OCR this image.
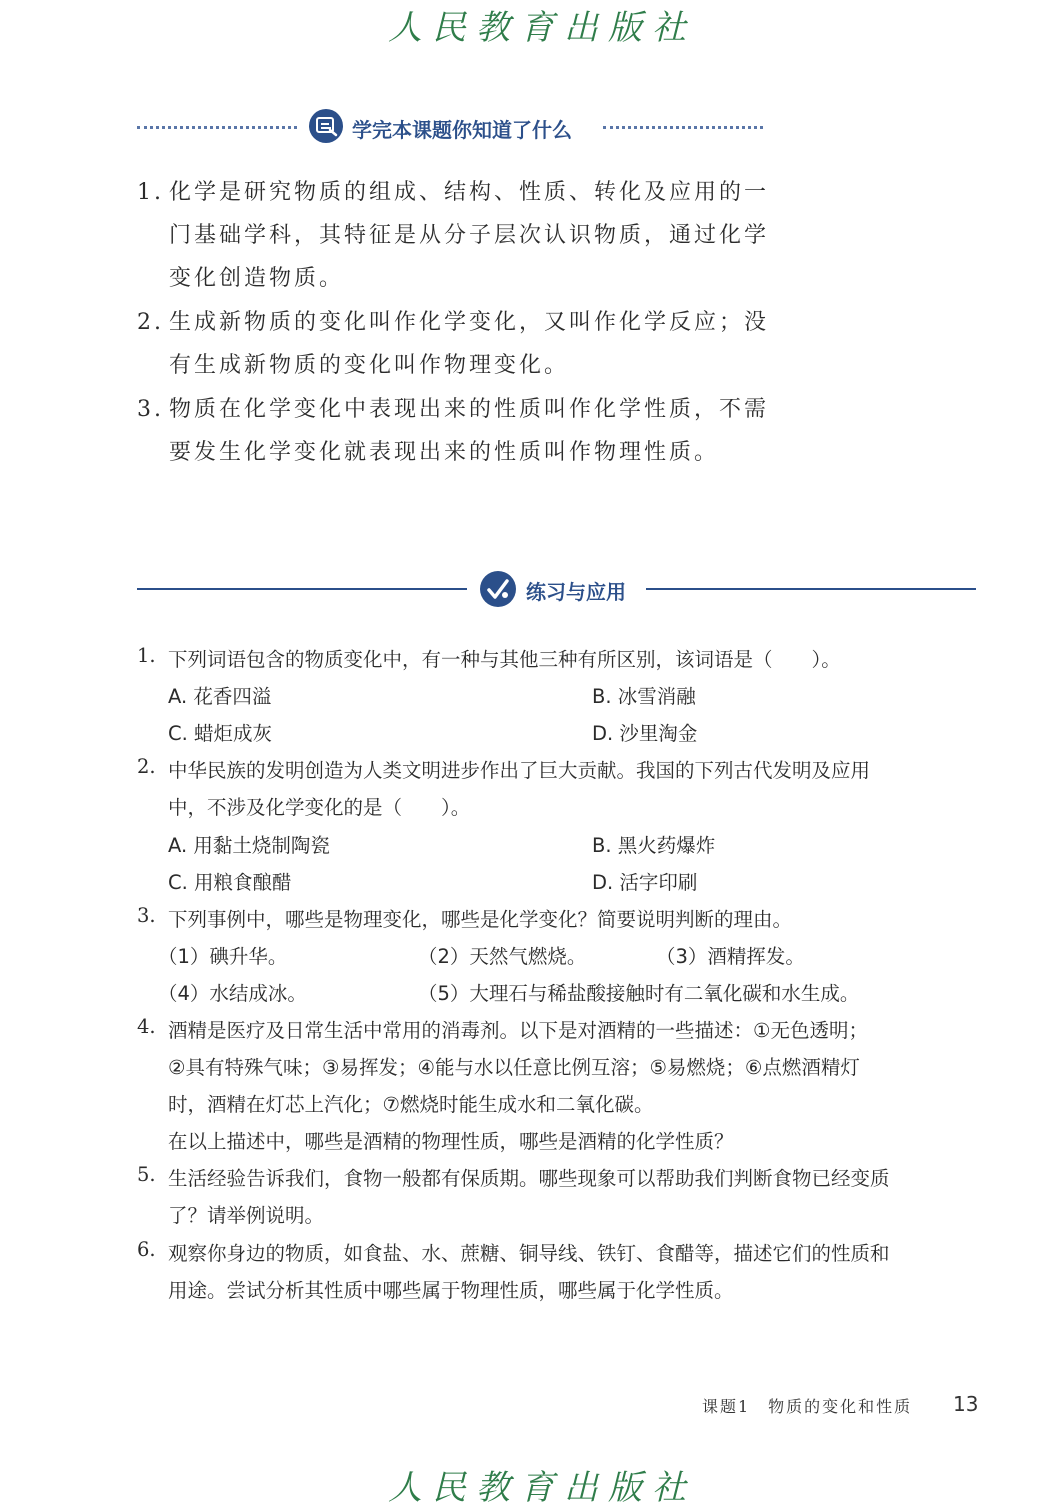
人民教育出版社
学完本课题你知道了什么
1. 化学是研究物质的组成、结构、性质、转化及应用的一
门基础学科，其特征是从分子层次认识物质，通过化学
变化创造物质。
2. 生成新物质的变化叫作化学变化，又叫作化学反应；没
有生成新物质的变化叫作物理变化。
3. 物质在化学变化中表现出来的性质叫作化学性质，不需
要发生化学变化就表现出来的性质叫作物理性质。
练习与应用
1. 下列词语包含的物质变化中，有一种与其他三种有所区别，该词语是（　　）。
A. 花香四溢	B. 冰雪消融
C. 蜡炬成灰	D. 沙里淘金
2. 中华民族的发明创造为人类文明进步作出了巨大贡献。我国的下列古代发明及应用
中，不涉及化学变化的是（　　）。
A. 用黏土烧制陶瓷	B. 黑火药爆炸
C. 用粮食酿醋	D. 活字印刷
3. 下列事例中，哪些是物理变化，哪些是化学变化？简要说明判断的理由。
（1）碘升华。	（2）天然气燃烧。	（3）酒精挥发。
（4）水结成冰。	（5）大理石与稀盐酸接触时有二氧化碳和水生成。
4. 酒精是医疗及日常生活中常用的消毒剂。以下是对酒精的一些描述：①无色透明；
②具有特殊气味；③易挥发；④能与水以任意比例互溶；⑤易燃烧；⑥点燃酒精灯
时，酒精在灯芯上汽化；⑦燃烧时能生成水和二氧化碳。
在以上描述中，哪些是酒精的物理性质，哪些是酒精的化学性质？
5. 生活经验告诉我们，食物一般都有保质期。哪些现象可以帮助我们判断食物已经变质
了？请举例说明。
6. 观察你身边的物质，如食盐、水、蔗糖、铜导线、铁钉、食醋等，描述它们的性质和
用途。尝试分析其性质中哪些属于物理性质，哪些属于化学性质。
课题1　物质的变化和性质 13
人民教育出版社
